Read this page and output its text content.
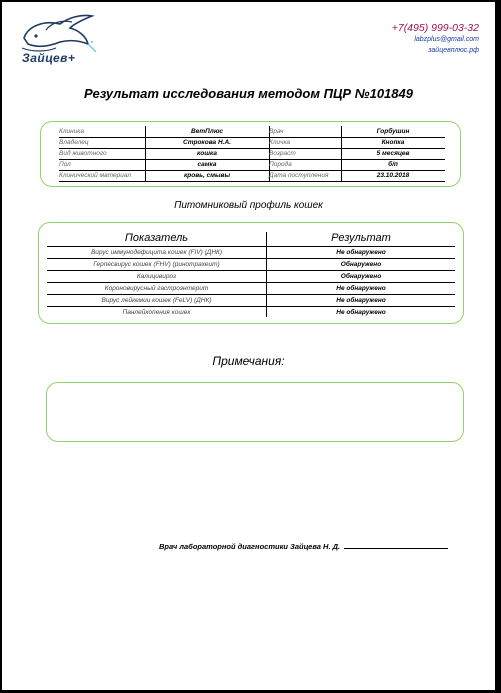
Зайцев+
+7(495) 999-03-32
labzplus@gmail.com
зайцевплюс.рф
Результат исследования методом ПЦР №101849
Клиника	ВетПлюс	Врач	Горбушин
Владелец	Строкова Н.А.	Кличка	Кнопка
Вид животного	кошка	Возраст	5 месяцев
Пол	самка	Порода	б/п
Клинический материал	кровь, смывы	Дата поступления	23.10.2018
Питомниковый профиль кошек
Показатель	Результат
Вирус иммунодефицита кошек (FIV) (ДНК)	Не обнаружено
Герпесвирус кошек (FHV) (ринотрахеит)	Обнаружено
Калицивироз	Обнаружено
Короновирусный гастроэнтерит	Не обнаружено
Вирус лейкемии кошек (FeLV) (ДНК)	Не обнаружено
Панлейкопения кошек	Не обнаружено
Примечания:
Врач лабораторной диагностики Зайцева Н. Д.
